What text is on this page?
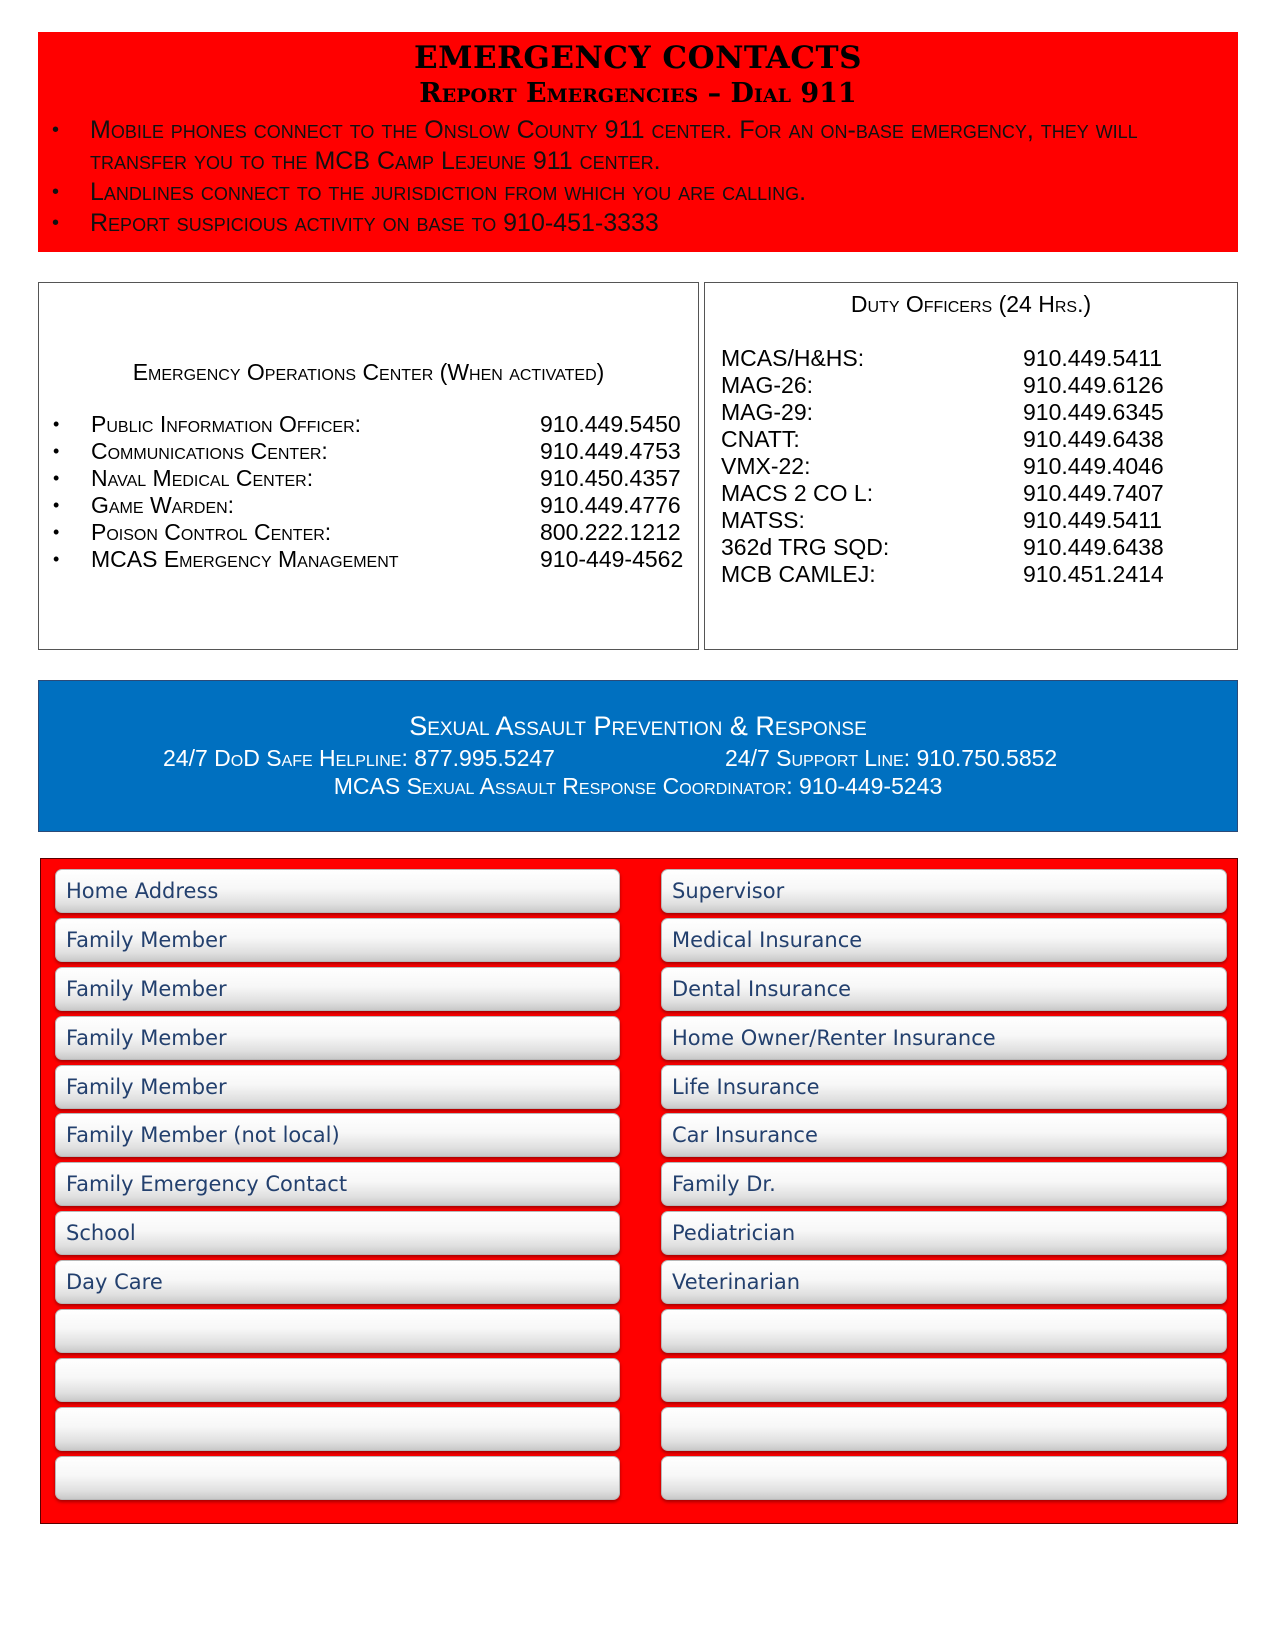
EMERGENCY CONTACTS
Report Emergencies – Dial 911
• Mobile phones connect to the Onslow County 911 center. For an on-base emergency, they will transfer you to the MCB Camp Lejeune 911 center.
• Landlines connect to the jurisdiction from which you are calling.
• Report suspicious activity on base to 910-451-3333
Emergency Operations Center (When activated)
• Public Information Officer:	910.449.5450
• Communications Center:	910.449.4753
• Naval Medical Center:	910.450.4357
• Game Warden:	910.449.4776
• Poison Control Center:	800.222.1212
• MCAS Emergency Management	910-449-4562
Duty Officers (24 Hrs.)
MCAS/H&HS:	910.449.5411
MAG-26:	910.449.6126
MAG-29:	910.449.6345
CNATT:	910.449.6438
VMX-22:	910.449.4046
MACS 2 CO L:	910.449.7407
MATSS:	910.449.5411
362d TRG SQD:	910.449.6438
MCB CAMLEJ:	910.451.2414
Sexual Assault Prevention & Response
24/7 DoD Safe Helpline: 877.995.5247	24/7 Support Line: 910.750.5852
MCAS Sexual Assault Response Coordinator: 910-449-5243
Home Address
Family Member
Family Member
Family Member
Family Member
Family Member (not local)
Family Emergency Contact
School
Day Care
Supervisor
Medical Insurance
Dental Insurance
Home Owner/Renter Insurance
Life Insurance
Car Insurance
Family Dr.
Pediatrician
Veterinarian
